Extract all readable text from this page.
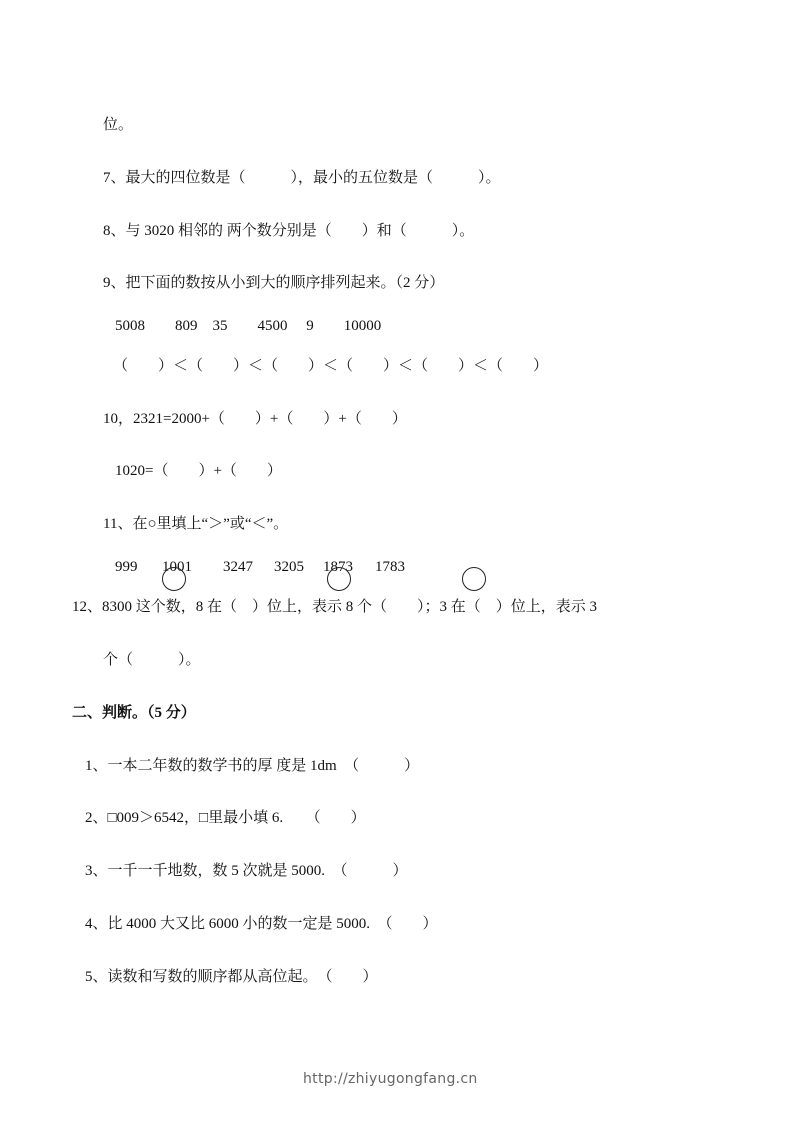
位。
7、最大的四位数是（　　　），最小的五位数是（　　　）。
8、与 3020 相邻的 两个数分别是（　　）和（　　　）。
9、把下面的数按从小到大的顺序排列起来。（2 分）
5008　　809　35　　4500　 9　　10000
（　　）＜（　　）＜（　　）＜（　　）＜（　　）＜（　　）
10，2321=2000+（　　）+（　　）+（　　）
1020=（　　）+（　　）
11、在○里填上“＞”或“＜”。
999 1001 3247 3205 1873 1783
12、8300 这个数，8 在（　）位上，表示 8 个（　　）；3 在（　）位上，表示 3
个（　　　）。
二、判断。（5 分）
1、一本二年数的数学书的厚 度是 1dm　（　　　）
2、□009＞6542，□里最小填 6.　　（　　）
3、一千一千地数，数 5 次就是 5000.　（　　　）
4、比 4000 大又比 6000 小的数一定是 5000.　（　　）
5、读数和写数的顺序都从高位起。　（　　）
http://zhiyugongfang.cn
